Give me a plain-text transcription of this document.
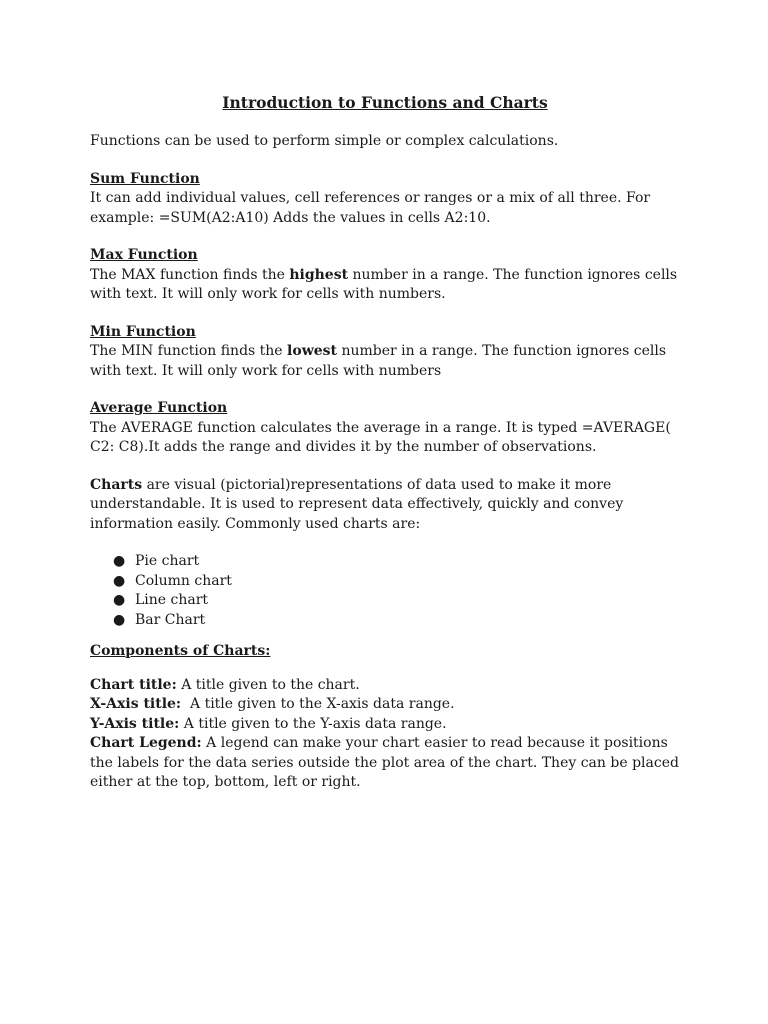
Introduction to Functions and Charts

Functions can be used to perform simple or complex calculations.

Sum Function

It can add individual values, cell references or ranges or a mix of all three. For example: =SUM(A2:A10) Adds the values in cells A2:10.

Max Function

The MAX function finds the highest number in a range. The function ignores cells with text. It will only work for cells with numbers.

Min Function

The MIN function finds the lowest number in a range. The function ignores cells with text. It will only work for cells with numbers

Average Function

The AVERAGE function calculates the average in a range. It is typed =AVERAGE( C2: C8).It adds the range and divides it by the number of observations.

Charts are visual (pictorial)representations of data used to make it more understandable. It is used to represent data effectively, quickly and convey information easily. Commonly used charts are:

● Pie chart
● Column chart
● Line chart
● Bar Chart
Components of Charts:

Chart title: A title given to the chart.

X-Axis title:  A title given to the X-axis data range.

Y-Axis title: A title given to the Y-axis data range.

Chart Legend: A legend can make your chart easier to read because it positions the labels for the data series outside the plot area of the chart. They can be placed either at the top, bottom, left or right.
